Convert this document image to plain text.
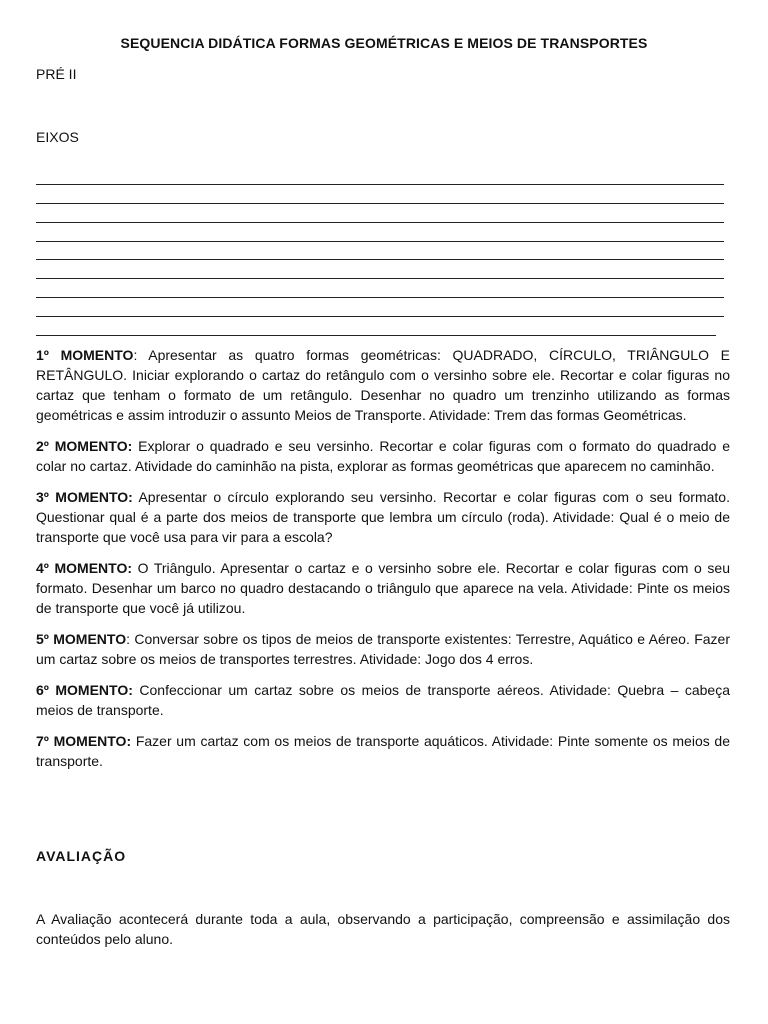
SEQUENCIA DIDÁTICA FORMAS GEOMÉTRICAS E MEIOS DE TRANSPORTES
PRÉ II
EIXOS

1º MOMENTO: Apresentar as quatro formas geométricas: QUADRADO, CÍRCULO, TRIÂNGULO E RETÂNGULO. Iniciar explorando o cartaz do retângulo com o versinho sobre ele. Recortar e colar figuras no cartaz que tenham o formato de um retângulo. Desenhar no quadro um trenzinho utilizando as formas geométricas e assim introduzir o assunto Meios de Transporte. Atividade: Trem das formas Geométricas.

2º MOMENTO: Explorar o quadrado e seu versinho. Recortar e colar figuras com o formato do quadrado e colar no cartaz. Atividade do caminhão na pista, explorar as formas geométricas que aparecem no caminhão.

3º MOMENTO: Apresentar o círculo explorando seu versinho. Recortar e colar figuras com o seu formato. Questionar qual é a parte dos meios de transporte que lembra um círculo (roda). Atividade: Qual é o meio de transporte que você usa para vir para a escola?

4º MOMENTO: O Triângulo. Apresentar o cartaz e o versinho sobre ele. Recortar e colar figuras com o seu formato. Desenhar um barco no quadro destacando o triângulo que aparece na vela. Atividade: Pinte os meios de transporte que você já utilizou.

5º MOMENTO: Conversar sobre os tipos de meios de transporte existentes: Terrestre, Aquático e Aéreo. Fazer um cartaz sobre os meios de transportes terrestres. Atividade: Jogo dos 4 erros.

6º MOMENTO: Confeccionar um cartaz sobre os meios de transporte aéreos. Atividade: Quebra – cabeça meios de transporte.

7º MOMENTO: Fazer um cartaz com os meios de transporte aquáticos. Atividade: Pinte somente os meios de transporte.

AVALIAÇÃO
A Avaliação acontecerá durante toda a aula, observando a participação, compreensão e assimilação dos conteúdos pelo aluno.
